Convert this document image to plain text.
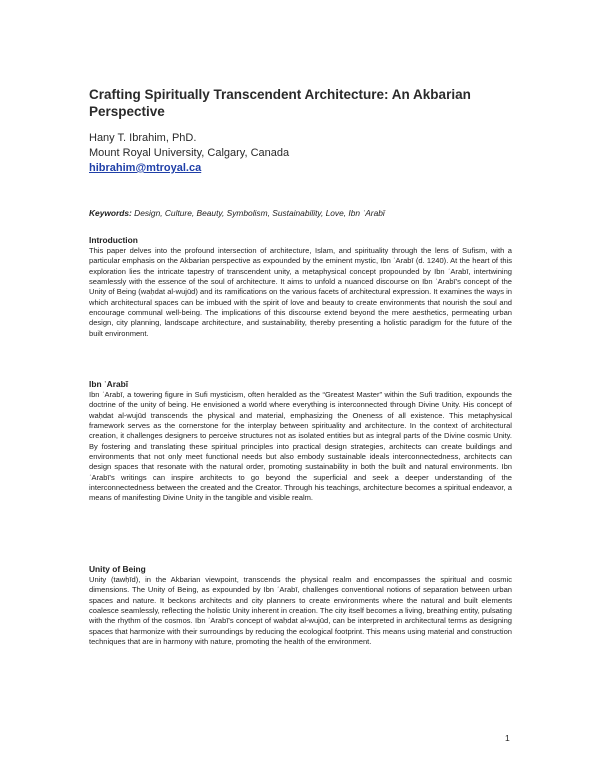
Crafting Spiritually Transcendent Architecture: An Akbarian Perspective
Hany T. Ibrahim, PhD.
Mount Royal University, Calgary, Canada
hibrahim@mtroyal.ca
Keywords: Design, Culture, Beauty, Symbolism, Sustainability, Love, Ibn ʿArabī

Introduction

This paper delves into the profound intersection of architecture, Islam, and spirituality through the lens of Sufism, with a particular emphasis on the Akbarian perspective as expounded by the eminent mystic, Ibn ʿArabī (d. 1240). At the heart of this exploration lies the intricate tapestry of transcendent unity, a metaphysical concept propounded by Ibn ʿArabī, intertwining seamlessly with the essence of the soul of architecture. It aims to unfold a nuanced discourse on Ibn ʿArabī's concept of the Unity of Being (waḥdat al-wujūd) and its ramifications on the various facets of architectural expression. It examines the ways in which architectural spaces can be imbued with the spirit of love and beauty to create environments that nourish the soul and encourage communal well-being. The implications of this discourse extend beyond the mere aesthetics, permeating urban design, city planning, landscape architecture, and sustainability, thereby presenting a holistic paradigm for the future of the built environment.

Ibn ʿArabī

Ibn ʿArabī, a towering figure in Sufi mysticism, often heralded as the “Greatest Master” within the Sufi tradition, expounds the doctrine of the unity of being. He envisioned a world where everything is interconnected through Divine Unity. His concept of waḥdat al-wujūd transcends the physical and material, emphasizing the Oneness of all existence. This metaphysical framework serves as the cornerstone for the interplay between spirituality and architecture. In the context of architectural creation, it challenges designers to perceive structures not as isolated entities but as integral parts of the Divine cosmic Unity. By fostering and translating these spiritual principles into practical design strategies, architects can create buildings and environments that not only meet functional needs but also embody sustainable ideals interconnectedness, architects can design spaces that resonate with the natural order, promoting sustainability in both the built and natural environments. Ibn ʿArabī's writings can inspire architects to go beyond the superficial and seek a deeper understanding of the interconnectedness between the created and the Creator. Through his teachings, architecture becomes a spiritual endeavor, a means of manifesting Divine Unity in the tangible and visible realm.

Unity of Being

Unity (tawḥīd), in the Akbarian viewpoint, transcends the physical realm and encompasses the spiritual and cosmic dimensions. The Unity of Being, as expounded by Ibn ʿArabī, challenges conventional notions of separation between urban spaces and nature. It beckons architects and city planners to create environments where the natural and built elements coalesce seamlessly, reflecting the holistic Unity inherent in creation. The city itself becomes a living, breathing entity, pulsating with the rhythm of the cosmos. Ibn ʿArabī's concept of waḥdat al-wujūd, can be interpreted in architectural terms as designing spaces that harmonize with their surroundings by reducing the ecological footprint. This means using material and construction techniques that are in harmony with nature, promoting the health of the environment.

1
